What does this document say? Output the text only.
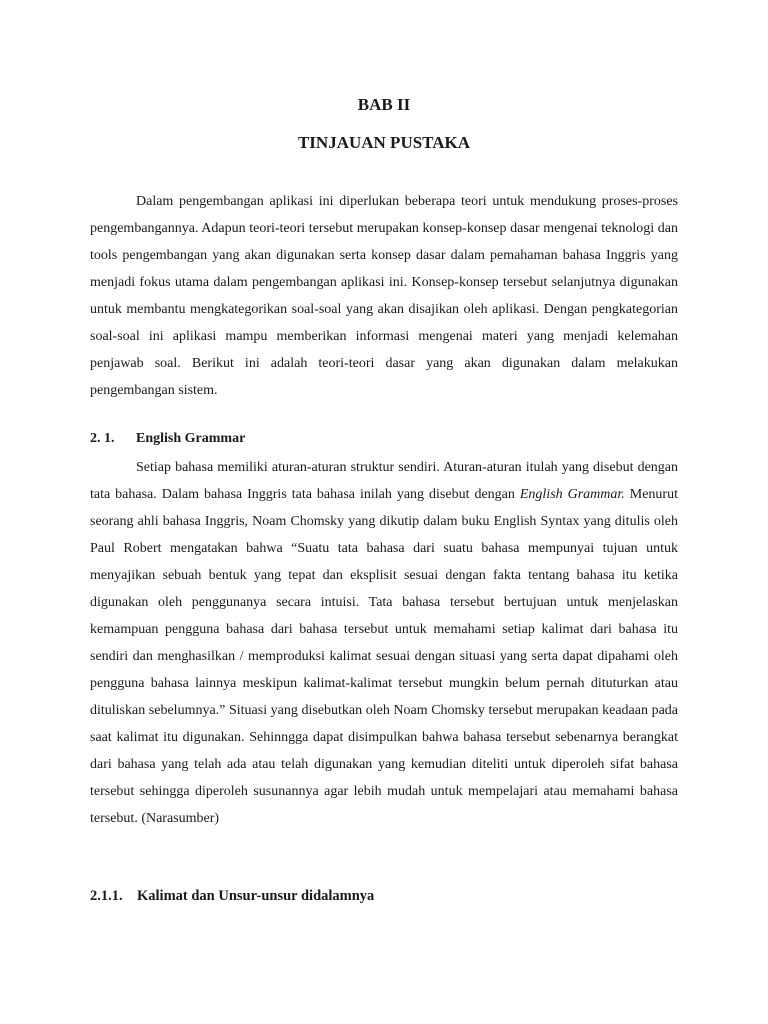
BAB II
TINJAUAN PUSTAKA

Dalam pengembangan aplikasi ini diperlukan beberapa teori untuk mendukung proses-proses pengembangannya. Adapun teori-teori tersebut merupakan konsep-konsep dasar mengenai teknologi dan tools pengembangan yang akan digunakan serta konsep dasar dalam pemahaman bahasa Inggris yang menjadi fokus utama dalam pengembangan aplikasi ini. Konsep-konsep tersebut selanjutnya digunakan untuk membantu mengkategorikan soal-soal yang akan disajikan oleh aplikasi. Dengan pengkategorian soal-soal ini aplikasi mampu memberikan informasi mengenai materi yang menjadi kelemahan penjawab soal. Berikut ini adalah teori-teori dasar yang akan digunakan dalam melakukan pengembangan sistem.

2. 1. English Grammar

Setiap bahasa memiliki aturan-aturan struktur sendiri. Aturan-aturan itulah yang disebut dengan tata bahasa. Dalam bahasa Inggris tata bahasa inilah yang disebut dengan English Grammar. Menurut seorang ahli bahasa Inggris, Noam Chomsky yang dikutip dalam buku English Syntax yang ditulis oleh Paul Robert mengatakan bahwa “Suatu tata bahasa dari suatu bahasa mempunyai tujuan untuk menyajikan sebuah bentuk yang tepat dan eksplisit sesuai dengan fakta tentang bahasa itu ketika digunakan oleh penggunanya secara intuisi. Tata bahasa tersebut bertujuan untuk menjelaskan kemampuan pengguna bahasa dari bahasa tersebut untuk memahami setiap kalimat dari bahasa itu sendiri dan menghasilkan / memproduksi kalimat sesuai dengan situasi yang serta dapat dipahami oleh pengguna bahasa lainnya meskipun kalimat-kalimat tersebut mungkin belum pernah dituturkan atau dituliskan sebelumnya.” Situasi yang disebutkan oleh Noam Chomsky tersebut merupakan keadaan pada saat kalimat itu digunakan. Sehinngga dapat disimpulkan bahwa bahasa tersebut sebenarnya berangkat dari bahasa yang telah ada atau telah digunakan yang kemudian diteliti untuk diperoleh sifat bahasa tersebut sehingga diperoleh susunannya agar lebih mudah untuk mempelajari atau memahami bahasa tersebut. (Narasumber)

2.1.1. Kalimat dan Unsur-unsur didalamnya
